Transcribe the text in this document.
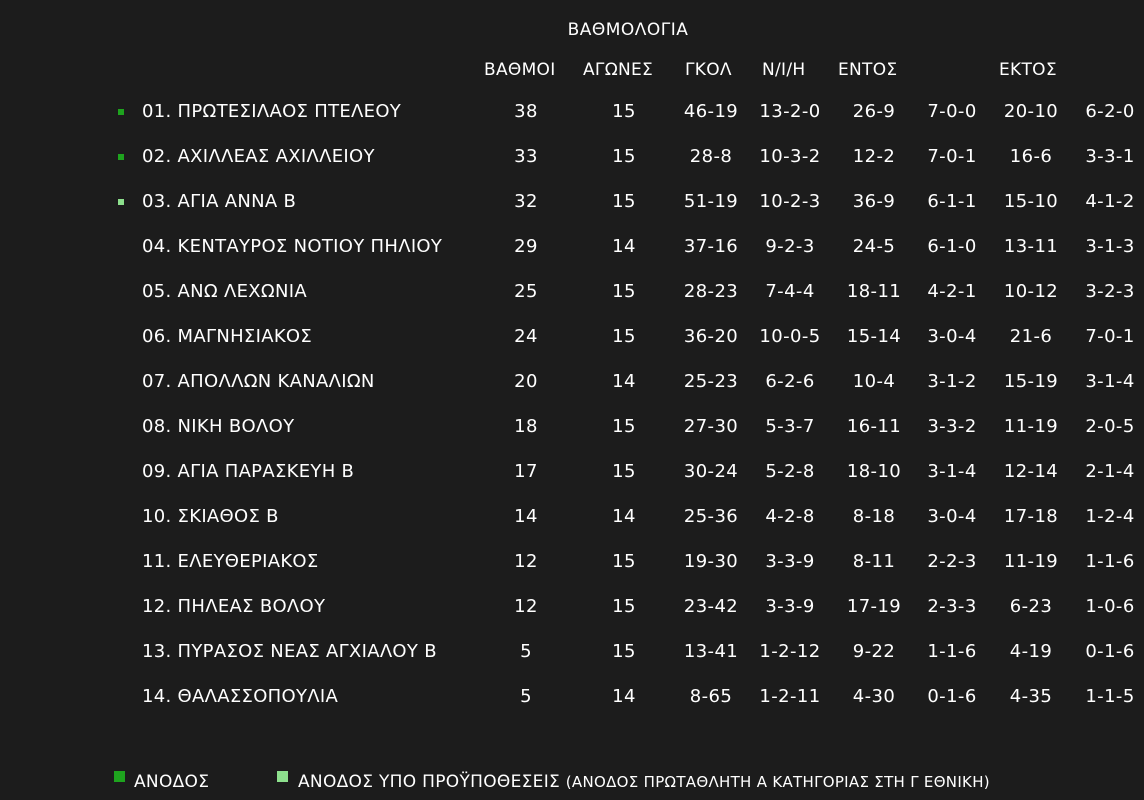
ΒΑΘΜΟΛΟΓΙΑ
ΒΑΘΜΟΙ ΑΓΩΝΕΣ ΓΚΟΛ Ν/Ι/Η ΕΝΤΟΣ	ΕΚΤΟΣ
01. ΠΡΩΤΕΣΙΛΑΟΣ ΠΤΕΛΕΟΥ	38	15	46-19 13-2-0 26-9 7-0-0 20-10 6-2-0
02. ΑΧΙΛΛΕΑΣ ΑΧΙΛΛΕΙΟΥ	33	15	28-8 10-3-2 12-2 7-0-1 16-6 3-3-1
03. ΑΓΙΑ ΑΝΝΑ Β	32	15	51-19 10-2-3 36-9 6-1-1 15-10 4-1-2
04. ΚΕΝΤΑΥΡΟΣ ΝΟΤΙΟΥ ΠΗΛΙΟΥ	29	14	37-16 9-2-3 24-5 6-1-0 13-11 3-1-3
05. ΑΝΩ ΛΕΧΩΝΙΑ	25	15	28-23 7-4-4 18-11 4-2-1 10-12 3-2-3
06. ΜΑΓΝΗΣΙΑΚΟΣ	24	15	36-20 10-0-5 15-14 3-0-4 21-6 7-0-1
07. ΑΠΟΛΛΩΝ ΚΑΝΑΛΙΩΝ	20	14	25-23 6-2-6 10-4 3-1-2 15-19 3-1-4
08. ΝΙΚΗ ΒΟΛΟΥ	18	15	27-30 5-3-7 16-11 3-3-2 11-19 2-0-5
09. ΑΓΙΑ ΠΑΡΑΣΚΕΥΗ Β	17	15	30-24 5-2-8 18-10 3-1-4 12-14 2-1-4
10. ΣΚΙΑΘΟΣ Β	14	14	25-36 4-2-8 8-18 3-0-4 17-18 1-2-4
11. ΕΛΕΥΘΕΡΙΑΚΟΣ	12	15	19-30 3-3-9 8-11 2-2-3 11-19 1-1-6
12. ΠΗΛΕΑΣ ΒΟΛΟΥ	12	15	23-42 3-3-9 17-19 2-3-3 6-23 1-0-6
13. ΠΥΡΑΣΟΣ ΝΕΑΣ ΑΓΧΙΑΛΟΥ Β	5	15	13-41 1-2-12 9-22 1-1-6 4-19 0-1-6
14. ΘΑΛΑΣΣΟΠΟΥΛΙΑ	5	14	8-65 1-2-11 4-30 0-1-6 4-35 1-1-5
ΑΝΟΔΟΣ	ΑΝΟΔΟΣ ΥΠΟ ΠΡΟΫΠΟΘΕΣΕΙΣ (ΑΝΟΔΟΣ ΠΡΩΤΑΘΛΗΤΗ Α ΚΑΤΗΓΟΡΙΑΣ ΣΤΗ Γ ΕΘΝΙΚΗ)
